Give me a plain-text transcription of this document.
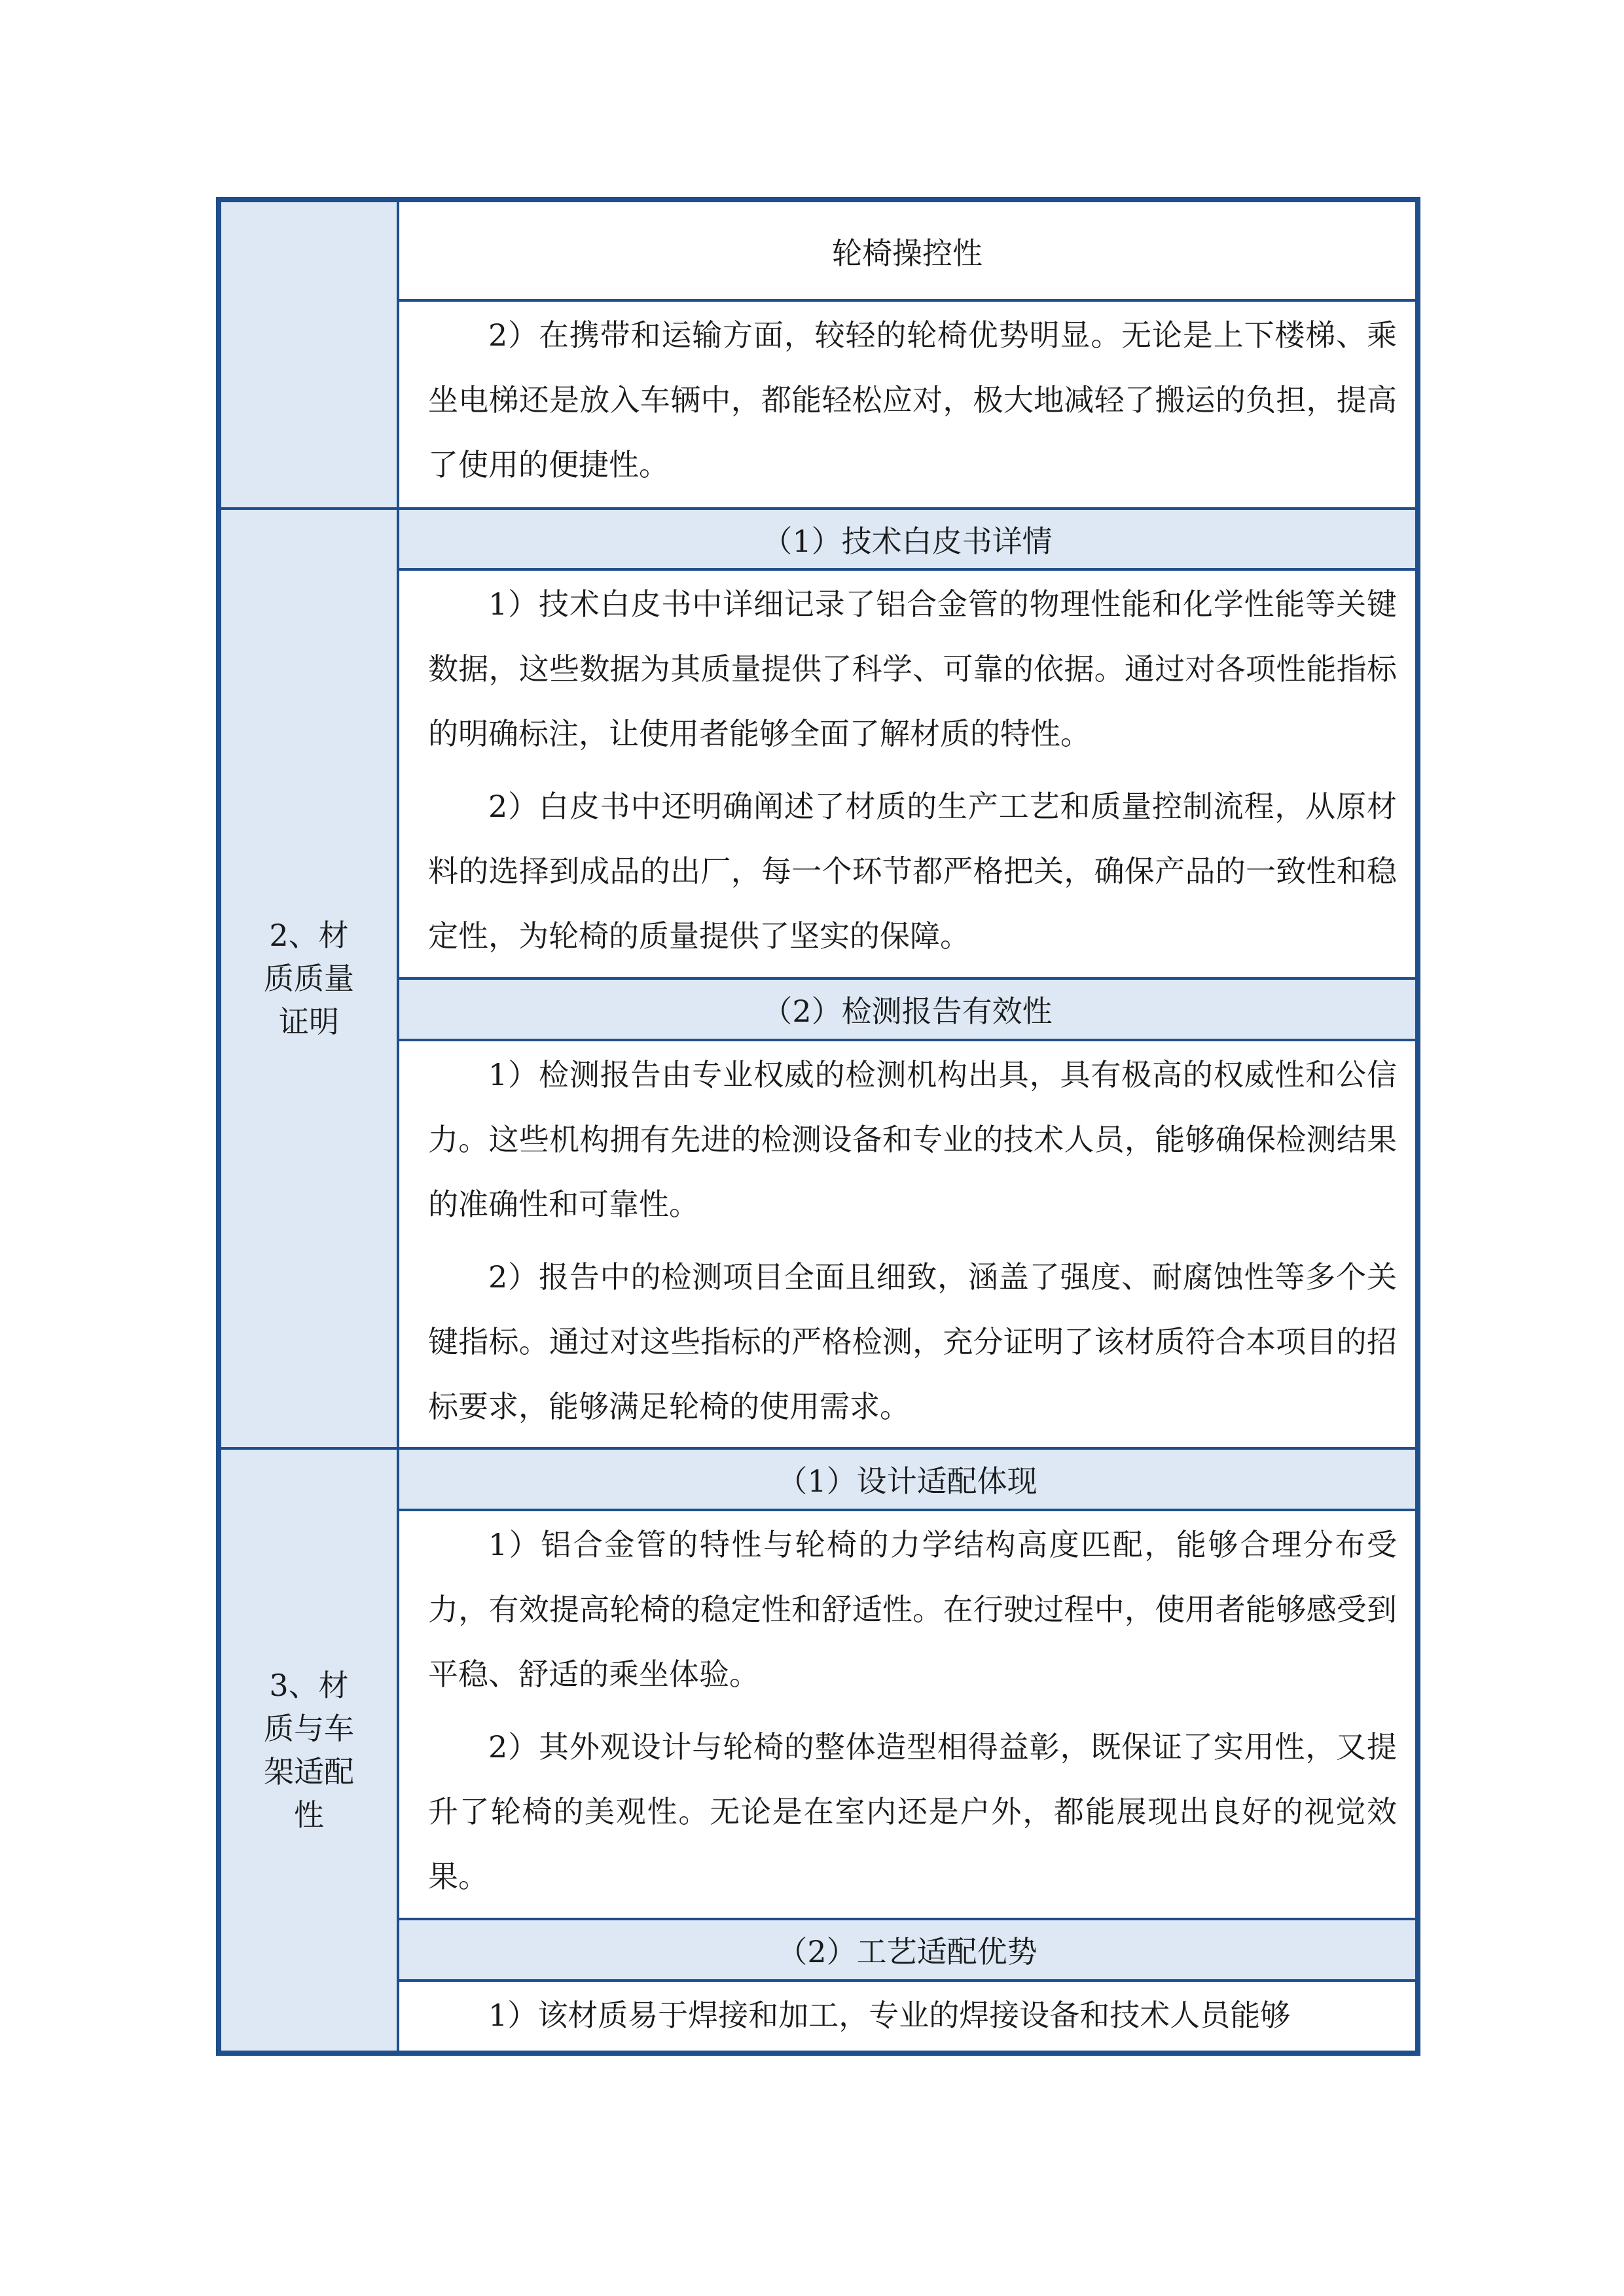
轮椅操控性

2）在携带和运输方面，较轻的轮椅优势明显。无论是上下楼梯、乘坐电梯还是放入车辆中，都能轻松应对，极大地减轻了搬运的负担，提高了使用的便捷性。

2、材质质量证明
（1）技术白皮书详情

1）技术白皮书中详细记录了铝合金管的物理性能和化学性能等关键数据，这些数据为其质量提供了科学、可靠的依据。通过对各项性能指标的明确标注，让使用者能够全面了解材质的特性。

2）白皮书中还明确阐述了材质的生产工艺和质量控制流程，从原材料的选择到成品的出厂，每一个环节都严格把关，确保产品的一致性和稳定性，为轮椅的质量提供了坚实的保障。

（2）检测报告有效性

1）检测报告由专业权威的检测机构出具，具有极高的权威性和公信力。这些机构拥有先进的检测设备和专业的技术人员，能够确保检测结果的准确性和可靠性。

2）报告中的检测项目全面且细致，涵盖了强度、耐腐蚀性等多个关键指标。通过对这些指标的严格检测，充分证明了该材质符合本项目的招标要求，能够满足轮椅的使用需求。

3、材质与车架适配性
（1）设计适配体现

1）铝合金管的特性与轮椅的力学结构高度匹配，能够合理分布受力，有效提高轮椅的稳定性和舒适性。在行驶过程中，使用者能够感受到平稳、舒适的乘坐体验。

2）其外观设计与轮椅的整体造型相得益彰，既保证了实用性，又提升了轮椅的美观性。无论是在室内还是户外，都能展现出良好的视觉效果。

（2）工艺适配优势

1）该材质易于焊接和加工，专业的焊接设备和技术人员能够
